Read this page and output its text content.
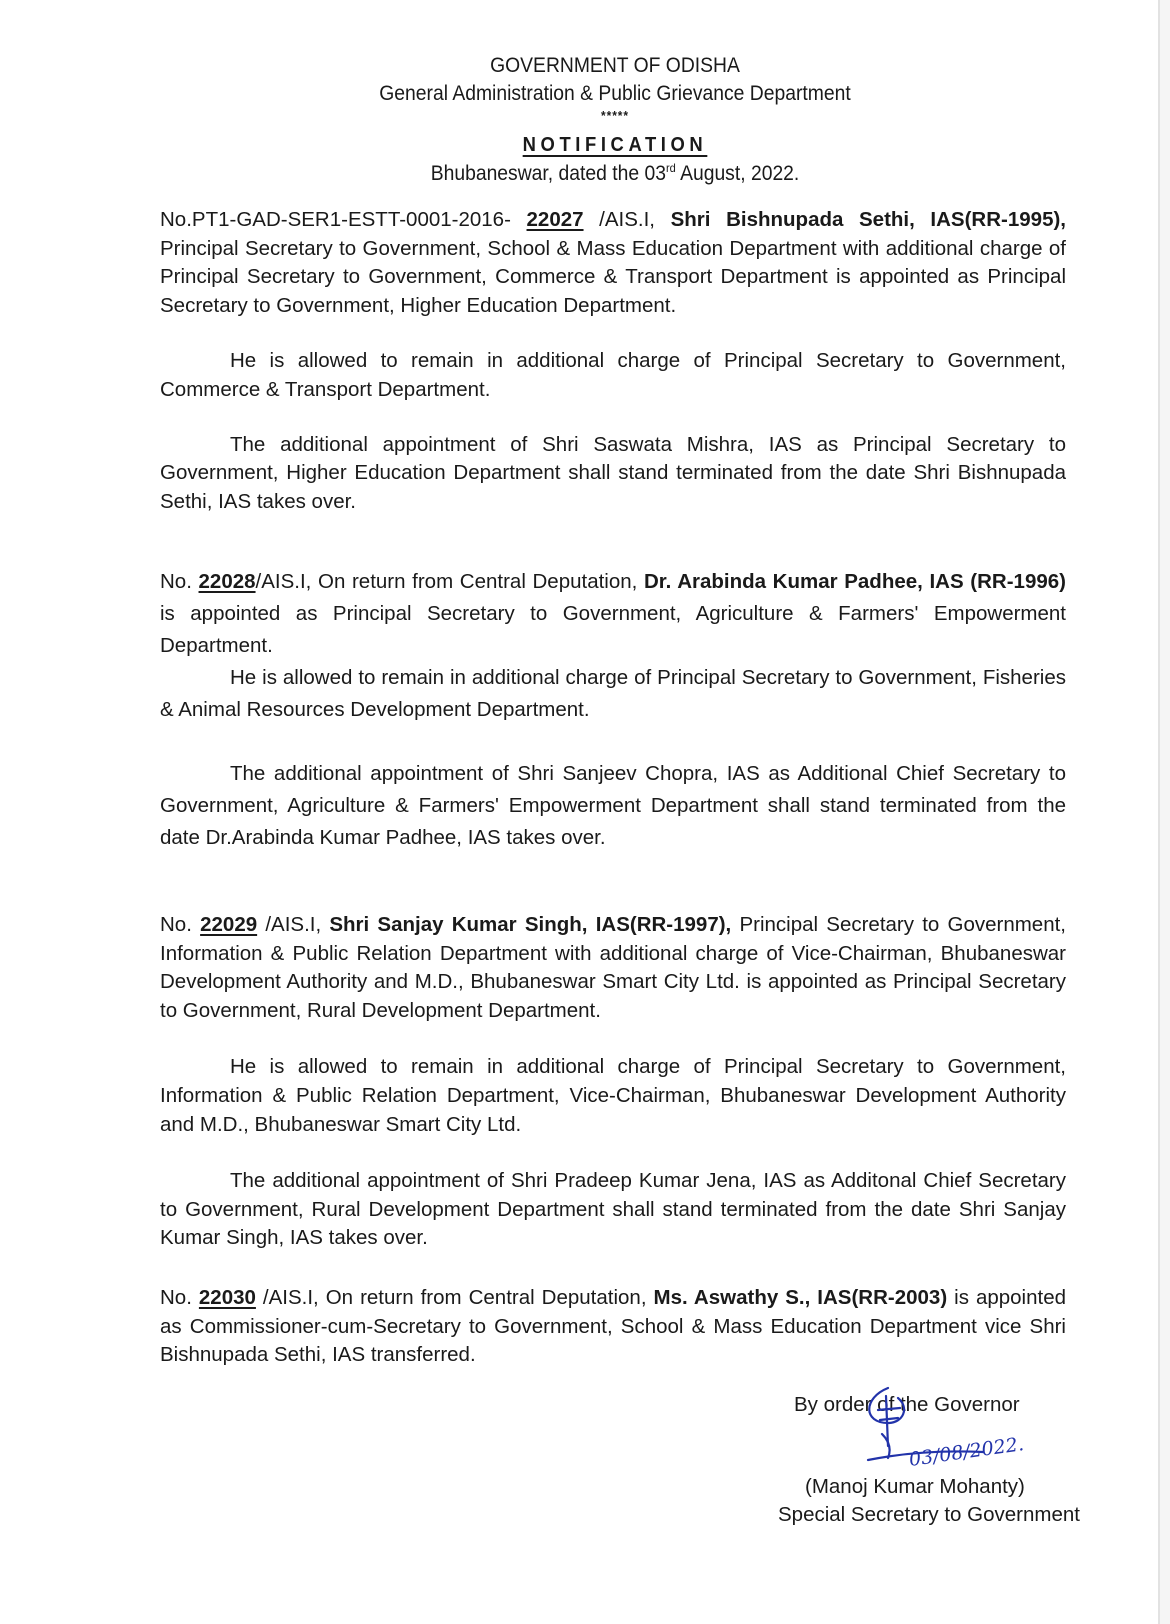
GOVERNMENT OF ODISHA
General Administration & Public Grievance Department
*****
NOTIFICATION
Bhubaneswar, dated the 03rd August, 2022.

No.PT1-GAD-SER1-ESTT-0001-2016- 22027 /AIS.I, Shri Bishnupada Sethi, IAS(RR-1995), Principal Secretary to Government, School & Mass Education Department with additional charge of Principal Secretary to Government, Commerce & Transport Department is appointed as Principal Secretary to Government, Higher Education Department.

He is allowed to remain in additional charge of Principal Secretary to Government, Commerce & Transport Department.

The additional appointment of Shri Saswata Mishra, IAS as Principal Secretary to Government, Higher Education Department shall stand terminated from the date Shri Bishnupada Sethi, IAS takes over.

No. 22028/AIS.I, On return from Central Deputation, Dr. Arabinda Kumar Padhee, IAS (RR-1996) is appointed as Principal Secretary to Government, Agriculture & Farmers' Empowerment Department.

He is allowed to remain in additional charge of Principal Secretary to Government, Fisheries & Animal Resources Development Department.

The additional appointment of Shri Sanjeev Chopra, IAS as Additional Chief Secretary to Government, Agriculture & Farmers' Empowerment Department shall stand terminated from the date Dr.Arabinda Kumar Padhee, IAS takes over.

No. 22029 /AIS.I, Shri Sanjay Kumar Singh, IAS(RR-1997), Principal Secretary to Government, Information & Public Relation Department with additional charge of Vice-Chairman, Bhubaneswar Development Authority and M.D., Bhubaneswar Smart City Ltd. is appointed as Principal Secretary to Government, Rural Development Department.

He is allowed to remain in additional charge of Principal Secretary to Government, Information & Public Relation Department, Vice-Chairman, Bhubaneswar Development Authority and M.D., Bhubaneswar Smart City Ltd.

The additional appointment of Shri Pradeep Kumar Jena, IAS as Additonal Chief Secretary to Government, Rural Development Department shall stand terminated from the date Shri Sanjay Kumar Singh, IAS takes over.

No. 22030 /AIS.I, On return from Central Deputation, Ms. Aswathy S., IAS(RR-2003) is appointed as Commissioner-cum-Secretary to Government, School & Mass Education Department vice Shri Bishnupada Sethi, IAS transferred.

By order of the Governor
03/08/2022.
(Manoj Kumar Mohanty)
Special Secretary to Government
